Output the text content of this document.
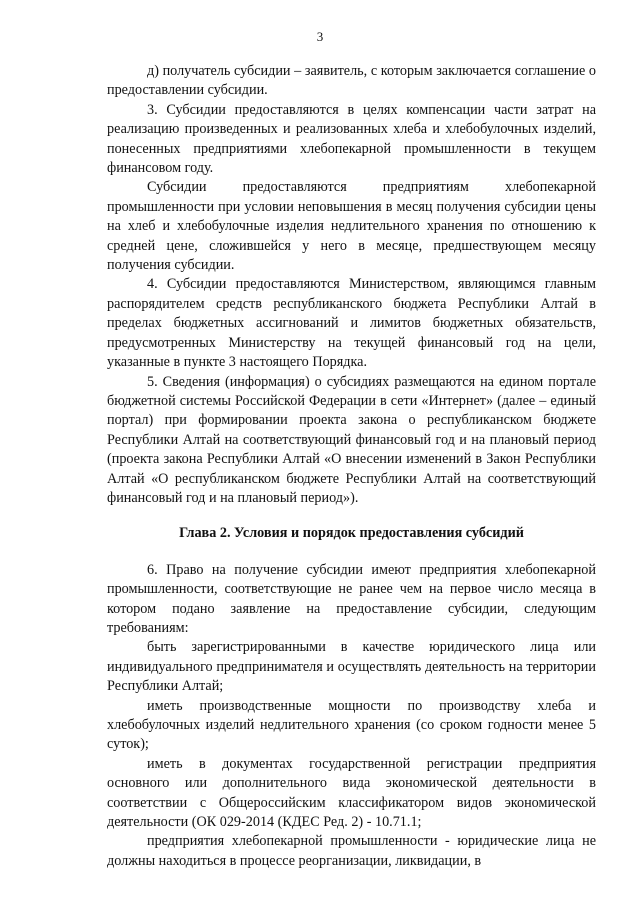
3

д) получатель субсидии – заявитель, с которым заключается соглашение о предоставлении субсидии.

3. Субсидии предоставляются в целях компенсации части затрат на реализацию произведенных и реализованных хлеба и хлебобулочных изделий, понесенных предприятиями хлебопекарной промышленности в текущем финансовом году.

Субсидии предоставляются предприятиям хлебопекарной промышленности при условии неповышения в месяц получения субсидии цены на хлеб и хлебобулочные изделия недлительного хранения по отношению к средней цене, сложившейся у него в месяце, предшествующем месяцу получения субсидии.

4. Субсидии предоставляются Министерством, являющимся главным распорядителем средств республиканского бюджета Республики Алтай в пределах бюджетных ассигнований и лимитов бюджетных обязательств, предусмотренных Министерству на текущей финансовый год на цели, указанные в пункте 3 настоящего Порядка.

5. Сведения (информация) о субсидиях размещаются на едином портале бюджетной системы Российской Федерации в сети «Интернет» (далее – единый портал) при формировании проекта закона о республиканском бюджете Республики Алтай на соответствующий финансовый год и на плановый период (проекта закона Республики Алтай «О внесении изменений в Закон Республики Алтай «О республиканском бюджете Республики Алтай на соответствующий финансовый год и на плановый период»).

Глава 2. Условия и порядок предоставления субсидий

6. Право на получение субсидии имеют предприятия хлебопекарной промышленности, соответствующие не ранее чем на первое число месяца в котором подано заявление на предоставление субсидии, следующим требованиям:

быть зарегистрированными в качестве юридического лица или индивидуального предпринимателя и осуществлять деятельность на территории Республики Алтай;

иметь производственные мощности по производству хлеба и хлебобулочных изделий недлительного хранения (со сроком годности менее 5 суток);

иметь в документах государственной регистрации предприятия основного или дополнительного вида экономической деятельности в соответствии с Общероссийским классификатором видов экономической деятельности (ОК 029-2014 (КДЕС Ред. 2) - 10.71.1;

предприятия хлебопекарной промышленности - юридические лица не должны находиться в процессе реорганизации, ликвидации, в
